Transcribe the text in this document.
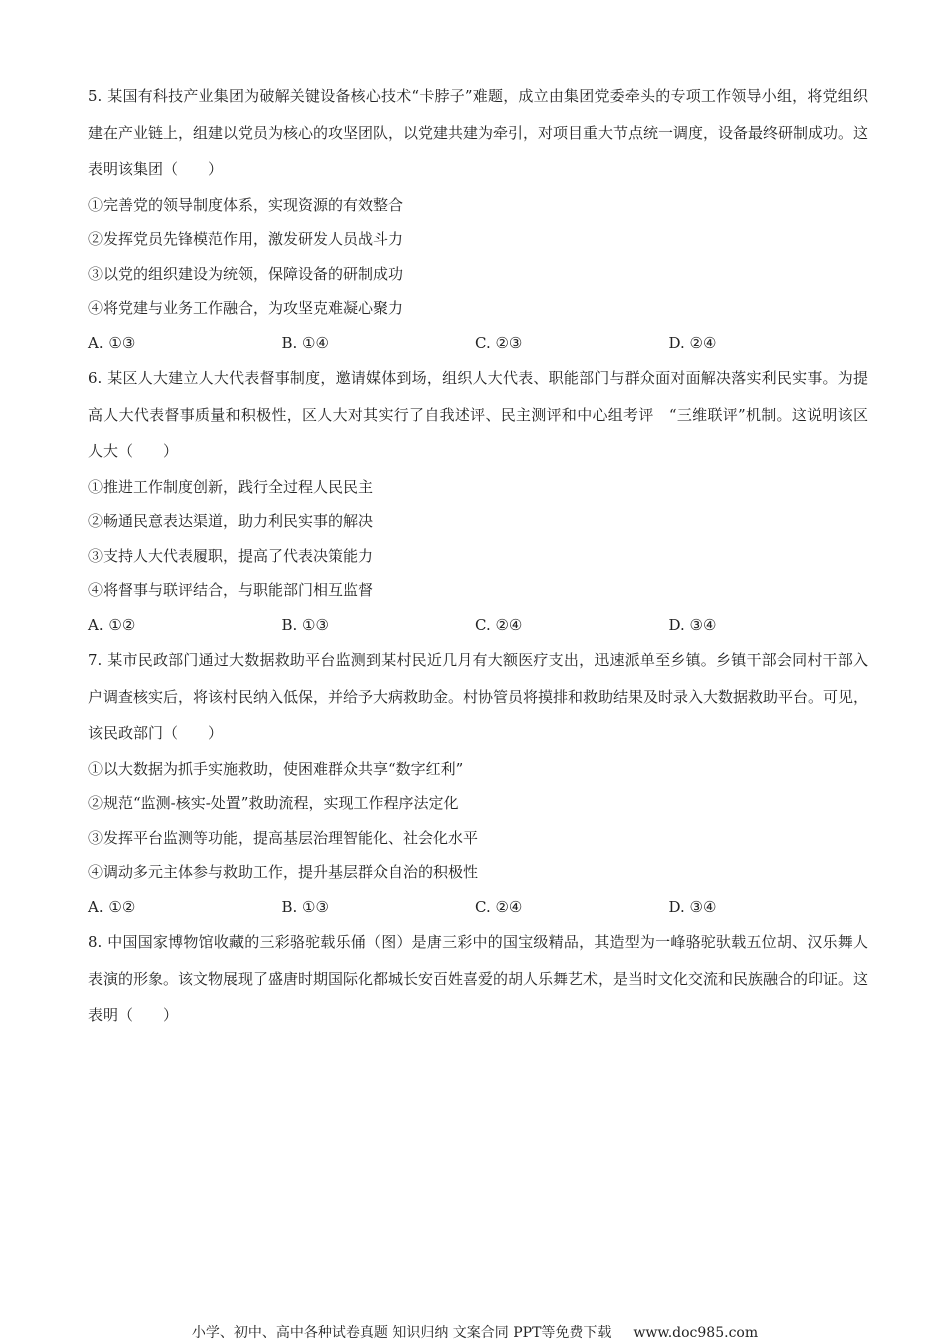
5. 某国有科技产业集团为破解关键设备核心技术“卡脖子”难题，成立由集团党委牵头的专项工作领导小组，将党组织建在产业链上，组建以党员为核心的攻坚团队，以党建共建为牵引，对项目重大节点统一调度，设备最终研制成功。这表明该集团（　　）

①完善党的领导制度体系，实现资源的有效整合

②发挥党员先锋模范作用，激发研发人员战斗力

③以党的组织建设为统领，保障设备的研制成功

④将党建与业务工作融合，为攻坚克难凝心聚力

A. ①③	B. ①④	C. ②③	D. ②④

6. 某区人大建立人大代表督事制度，邀请媒体到场，组织人大代表、职能部门与群众面对面解决落实利民实事。为提高人大代表督事质量和积极性，区人大对其实行了自我述评、民主测评和中心组考评　“三维联评”机制。这说明该区人大（　　）

①推进工作制度创新，践行全过程人民民主

②畅通民意表达渠道，助力利民实事的解决

③支持人大代表履职，提高了代表决策能力

④将督事与联评结合，与职能部门相互监督

A. ①②	B. ①③	C. ②④	D. ③④

7. 某市民政部门通过大数据救助平台监测到某村民近几月有大额医疗支出，迅速派单至乡镇。乡镇干部会同村干部入户调查核实后，将该村民纳入低保，并给予大病救助金。村协管员将摸排和救助结果及时录入大数据救助平台。可见，该民政部门（　　）

①以大数据为抓手实施救助，使困难群众共享“数字红利”

②规范“监测-核实-处置”救助流程，实现工作程序法定化

③发挥平台监测等功能，提高基层治理智能化、社会化水平

④调动多元主体参与救助工作，提升基层群众自治的积极性

A. ①②	B. ①③	C. ②④	D. ③④

8. 中国国家博物馆收藏的三彩骆驼载乐俑（图）是唐三彩中的国宝级精品，其造型为一峰骆驼驮载五位胡、汉乐舞人表演的形象。该文物展现了盛唐时期国际化都城长安百姓喜爱的胡人乐舞艺术，是当时文化交流和民族融合的印证。这表明（　　）

小学、初中、高中各种试卷真题 知识归纳 文案合同 PPT等免费下载 www.doc985.com
